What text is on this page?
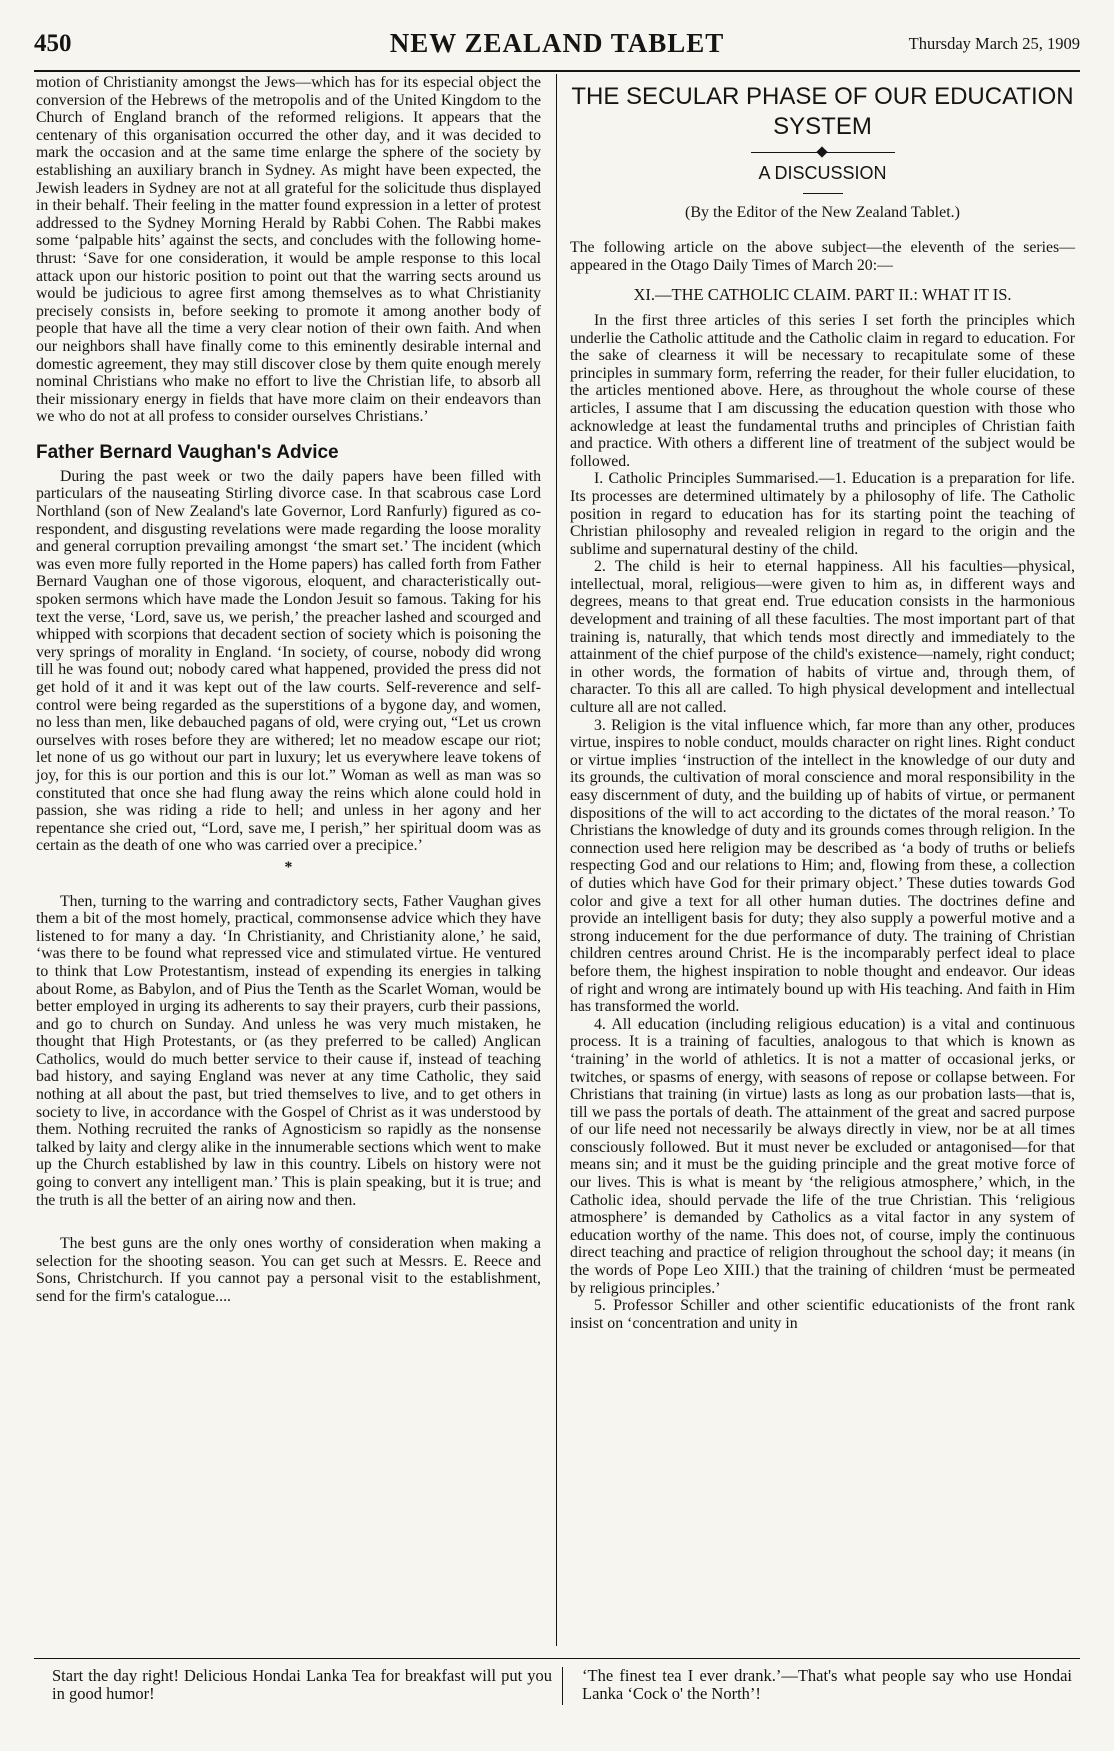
450	NEW ZEALAND TABLET	Thursday March 25, 1909

motion of Christianity amongst the Jews—which has for its especial object the conversion of the Hebrews of the metropolis and of the United Kingdom to the Church of England branch of the reformed religions. It appears that the centenary of this organisation occurred the other day, and it was decided to mark the occasion and at the same time enlarge the sphere of the society by establishing an auxiliary branch in Sydney. As might have been expected, the Jewish leaders in Sydney are not at all grateful for the solicitude thus displayed in their behalf. Their feeling in the matter found expression in a letter of protest addressed to the Sydney Morning Herald by Rabbi Cohen. The Rabbi makes some ‘palpable hits’ against the sects, and concludes with the following home-thrust: ‘Save for one consideration, it would be ample response to this local attack upon our historic position to point out that the warring sects around us would be judicious to agree first among themselves as to what Christianity precisely consists in, before seeking to promote it among another body of people that have all the time a very clear notion of their own faith. And when our neighbors shall have finally come to this eminently desirable internal and domestic agreement, they may still discover close by them quite enough merely nominal Christians who make no effort to live the Christian life, to absorb all their missionary energy in fields that have more claim on their endeavors than we who do not at all profess to consider ourselves Christians.’

Father Bernard Vaughan's Advice

During the past week or two the daily papers have been filled with particulars of the nauseating Stirling divorce case. In that scabrous case Lord Northland (son of New Zealand's late Governor, Lord Ranfurly) figured as co-respondent, and disgusting revelations were made regarding the loose morality and general corruption prevailing amongst ‘the smart set.’ The incident (which was even more fully reported in the Home papers) has called forth from Father Bernard Vaughan one of those vigorous, eloquent, and characteristically out-spoken sermons which have made the London Jesuit so famous. Taking for his text the verse, ‘Lord, save us, we perish,’ the preacher lashed and scourged and whipped with scorpions that decadent section of society which is poisoning the very springs of morality in England. ‘In society, of course, nobody did wrong till he was found out; nobody cared what happened, provided the press did not get hold of it and it was kept out of the law courts. Self-reverence and self-control were being regarded as the superstitions of a bygone day, and women, no less than men, like debauched pagans of old, were crying out, “Let us crown ourselves with roses before they are withered; let no meadow escape our riot; let none of us go without our part in luxury; let us everywhere leave tokens of joy, for this is our portion and this is our lot.” Woman as well as man was so constituted that once she had flung away the reins which alone could hold in passion, she was riding a ride to hell; and unless in her agony and her repentance she cried out, “Lord, save me, I perish,” her spiritual doom was as certain as the death of one who was carried over a precipice.’

*

Then, turning to the warring and contradictory sects, Father Vaughan gives them a bit of the most homely, practical, commonsense advice which they have listened to for many a day. ‘In Christianity, and Christianity alone,’ he said, ‘was there to be found what repressed vice and stimulated virtue. He ventured to think that Low Protestantism, instead of expending its energies in talking about Rome, as Babylon, and of Pius the Tenth as the Scarlet Woman, would be better employed in urging its adherents to say their prayers, curb their passions, and go to church on Sunday. And unless he was very much mistaken, he thought that High Protestants, or (as they preferred to be called) Anglican Catholics, would do much better service to their cause if, instead of teaching bad history, and saying England was never at any time Catholic, they said nothing at all about the past, but tried themselves to live, and to get others in society to live, in accordance with the Gospel of Christ as it was understood by them. Nothing recruited the ranks of Agnosticism so rapidly as the nonsense talked by laity and clergy alike in the innumerable sections which went to make up the Church established by law in this country. Libels on history were not going to convert any intelligent man.’ This is plain speaking, but it is true; and the truth is all the better of an airing now and then.

The best guns are the only ones worthy of consideration when making a selection for the shooting season. You can get such at Messrs. E. Reece and Sons, Christchurch. If you cannot pay a personal visit to the establishment, send for the firm's catalogue....

THE SECULAR PHASE OF OUR EDUCATION SYSTEM
A DISCUSSION
(By the Editor of the New Zealand Tablet.)

The following article on the above subject—the eleventh of the series—appeared in the Otago Daily Times of March 20:—

XI.—THE CATHOLIC CLAIM. PART II.: WHAT IT IS.

In the first three articles of this series I set forth the principles which underlie the Catholic attitude and the Catholic claim in regard to education. For the sake of clearness it will be necessary to recapitulate some of these principles in summary form, referring the reader, for their fuller elucidation, to the articles mentioned above. Here, as throughout the whole course of these articles, I assume that I am discussing the education question with those who acknowledge at least the fundamental truths and principles of Christian faith and practice. With others a different line of treatment of the subject would be followed.

I. Catholic Principles Summarised.—1. Education is a preparation for life. Its processes are determined ultimately by a philosophy of life. The Catholic position in regard to education has for its starting point the teaching of Christian philosophy and revealed religion in regard to the origin and the sublime and supernatural destiny of the child.

2. The child is heir to eternal happiness. All his faculties—physical, intellectual, moral, religious—were given to him as, in different ways and degrees, means to that great end. True education consists in the harmonious development and training of all these faculties. The most important part of that training is, naturally, that which tends most directly and immediately to the attainment of the chief purpose of the child's existence—namely, right conduct; in other words, the formation of habits of virtue and, through them, of character. To this all are called. To high physical development and intellectual culture all are not called.

3. Religion is the vital influence which, far more than any other, produces virtue, inspires to noble conduct, moulds character on right lines. Right conduct or virtue implies ‘instruction of the intellect in the knowledge of our duty and its grounds, the cultivation of moral conscience and moral responsibility in the easy discernment of duty, and the building up of habits of virtue, or permanent dispositions of the will to act according to the dictates of the moral reason.’ To Christians the knowledge of duty and its grounds comes through religion. In the connection used here religion may be described as ‘a body of truths or beliefs respecting God and our relations to Him; and, flowing from these, a collection of duties which have God for their primary object.’ These duties towards God color and give a text for all other human duties. The doctrines define and provide an intelligent basis for duty; they also supply a powerful motive and a strong inducement for the due performance of duty. The training of Christian children centres around Christ. He is the incomparably perfect ideal to place before them, the highest inspiration to noble thought and endeavor. Our ideas of right and wrong are intimately bound up with His teaching. And faith in Him has transformed the world.

4. All education (including religious education) is a vital and continuous process. It is a training of faculties, analogous to that which is known as ‘training’ in the world of athletics. It is not a matter of occasional jerks, or twitches, or spasms of energy, with seasons of repose or collapse between. For Christians that training (in virtue) lasts as long as our probation lasts—that is, till we pass the portals of death. The attainment of the great and sacred purpose of our life need not necessarily be always directly in view, nor be at all times consciously followed. But it must never be excluded or antagonised—for that means sin; and it must be the guiding principle and the great motive force of our lives. This is what is meant by ‘the religious atmosphere,’ which, in the Catholic idea, should pervade the life of the true Christian. This ‘religious atmosphere’ is demanded by Catholics as a vital factor in any system of education worthy of the name. This does not, of course, imply the continuous direct teaching and practice of religion throughout the school day; it means (in the words of Pope Leo XIII.) that the training of children ‘must be permeated by religious principles.’

5. Professor Schiller and other scientific educationists of the front rank insist on ‘concentration and unity in

Start the day right! Delicious Hondai Lanka Tea for breakfast will put you in good humor!
‘The finest tea I ever drank.’—That's what people say who use Hondai Lanka ‘Cock o' the North’!
